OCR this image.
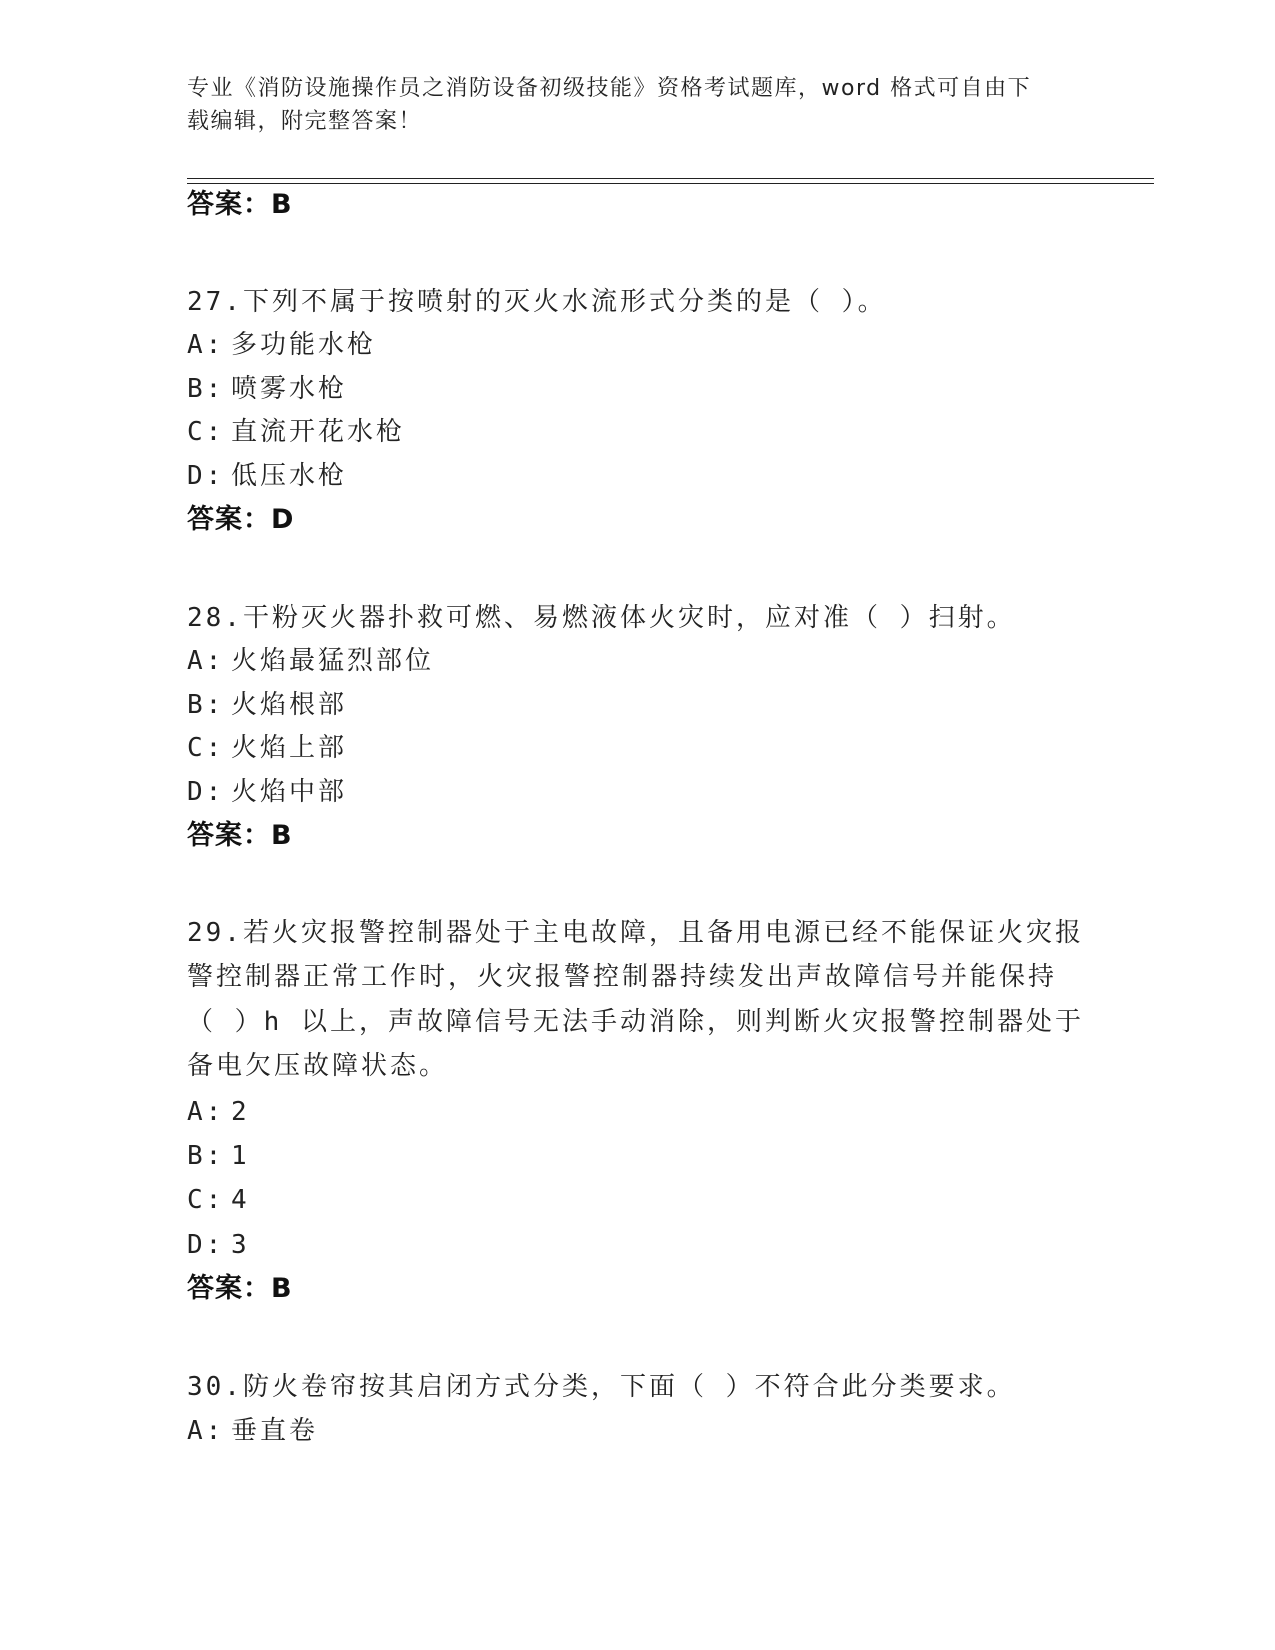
专业《消防设施操作员之消防设备初级技能》资格考试题库，word 格式可自由下
载编辑，附完整答案！
答案：B
27.下列不属于按喷射的灭火水流形式分类的是（ ）。
A: 多功能水枪
B: 喷雾水枪
C: 直流开花水枪
D: 低压水枪
答案：D
28.干粉灭火器扑救可燃、易燃液体火灾时，应对准（ ）扫射。
A: 火焰最猛烈部位
B: 火焰根部
C: 火焰上部
D: 火焰中部
答案：B
29.若火灾报警控制器处于主电故障，且备用电源已经不能保证火灾报
警控制器正常工作时，火灾报警控制器持续发出声故障信号并能保持
（ ）h 以上，声故障信号无法手动消除，则判断火灾报警控制器处于
备电欠压故障状态。
A: 2
B: 1
C: 4
D: 3
答案：B
30.防火卷帘按其启闭方式分类，下面（ ）不符合此分类要求。
A: 垂直卷
